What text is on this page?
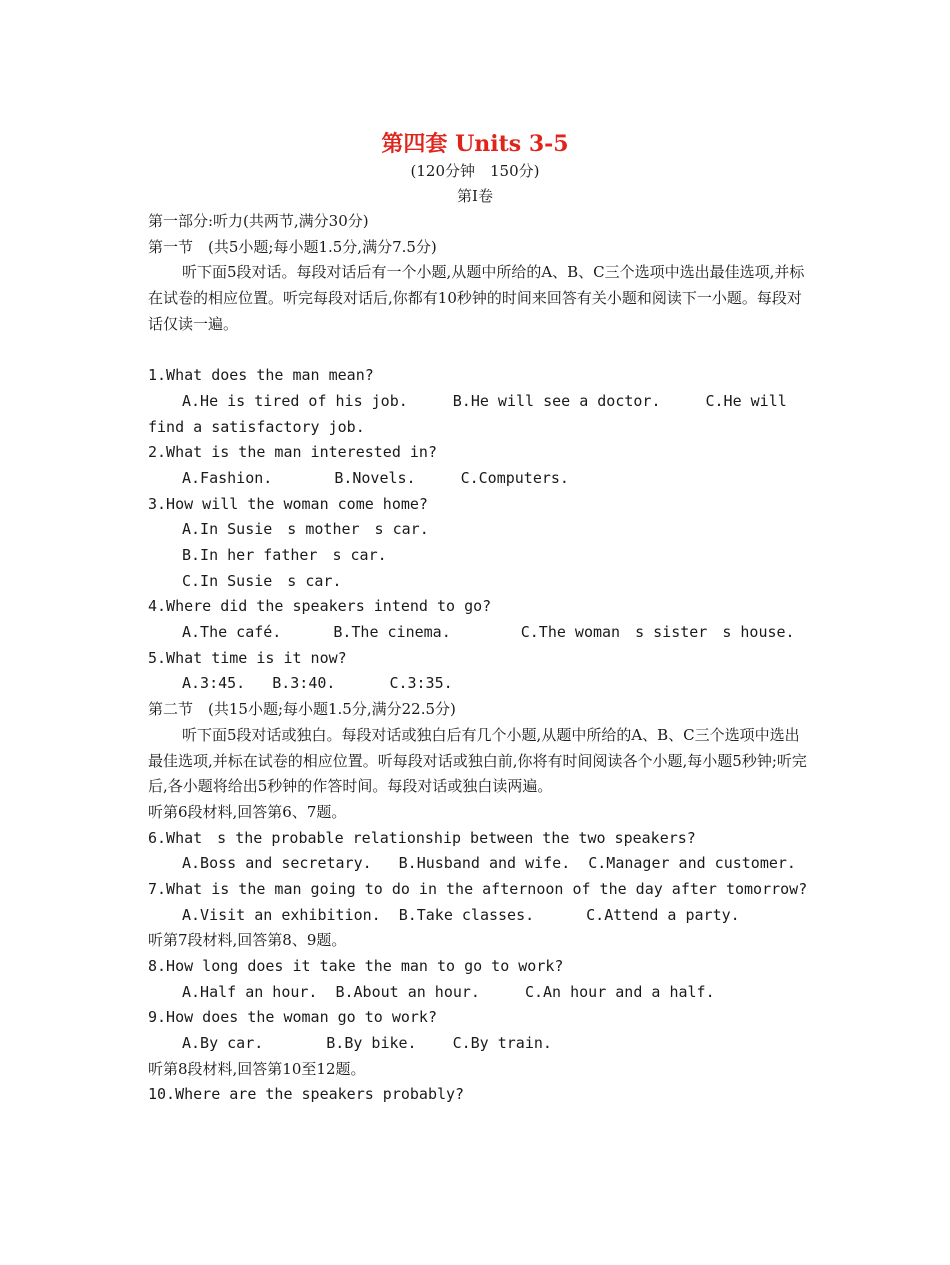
第四套 Units 3-5
(120分钟　150分)
第Ⅰ卷
第一部分:听力(共两节,满分30分)
第一节　(共5小题;每小题1.5分,满分7.5分)
听下面5段对话。每段对话后有一个小题,从题中所给的A、B、C三个选项中选出最佳选项,并标在试卷的相应位置。听完每段对话后,你都有10秒钟的时间来回答有关小题和阅读下一小题。每段对话仅读一遍。
1.What does the man mean?
A.He is tired of his job.	B.He will see a doctor.	C.He will
find a satisfactory job.
2.What is the man interested in?
A.Fashion.	B.Novels.	C.Computers.
3.How will the woman come home?
A.In Susie　s mother　s car.
B.In her father　s car.
C.In Susie　s car.
4.Where did the speakers intend to go?
A.The café.	B.The cinema.	C.The woman　s sister　s house.
5.What time is it now?
A.3:45. B.3:40.	C.3:35.
第二节　(共15小题;每小题1.5分,满分22.5分)
听下面5段对话或独白。每段对话或独白后有几个小题,从题中所给的A、B、C三个选项中选出最佳选项,并标在试卷的相应位置。听每段对话或独白前,你将有时间阅读各个小题,每小题5秒钟;听完后,各小题将给出5秒钟的作答时间。每段对话或独白读两遍。
听第6段材料,回答第6、7题。
6.What　s the probable relationship between the two speakers?
A.Boss and secretary. B.Husband and wife. C.Manager and customer.
7.What is the man going to do in the afternoon of the day after tomorrow?
A.Visit an exhibition. B.Take classes.	C.Attend a party.
听第7段材料,回答第8、9题。
8.How long does it take the man to go to work?
A.Half an hour. B.About an hour.	C.An hour and a half.
9.How does the woman go to work?
A.By car.	B.By bike. C.By train.
听第8段材料,回答第10至12题。
10.Where are the speakers probably?
